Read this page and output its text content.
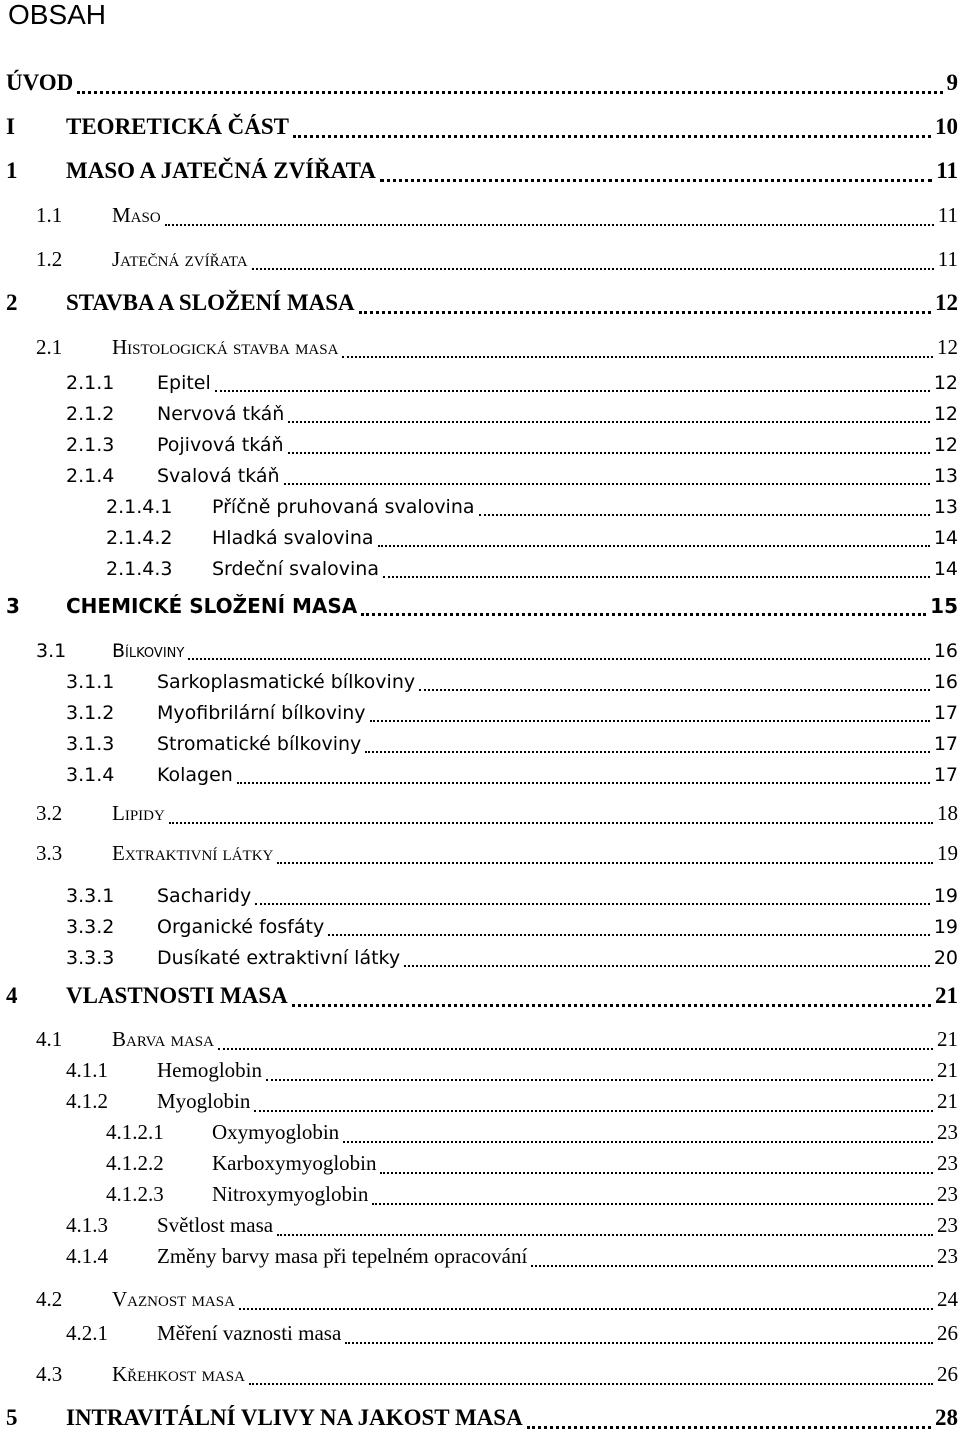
OBSAH
ÚVOD	9
I TEORETICKÁ ČÁST	10
1 MASO A JATEČNÁ ZVÍŘATA	11
1.1 Maso	11
1.2 Jatečná zvířata	11
2 STAVBA A SLOŽENÍ MASA	12
2.1 Histologická stavba masa	12
2.1.1 Epitel	12
2.1.2 Nervová tkáň	12
2.1.3 Pojivová tkáň	12
2.1.4 Svalová tkáň	13
2.1.4.1 Příčně pruhovaná svalovina	13
2.1.4.2 Hladká svalovina	14
2.1.4.3 Srdeční svalovina	14
3 CHEMICKÉ SLOŽENÍ MASA	15
3.1 Bílkoviny	16
3.1.1 Sarkoplasmatické bílkoviny	16
3.1.2 Myofibrilární bílkoviny	17
3.1.3 Stromatické bílkoviny	17
3.1.4 Kolagen	17
3.2 Lipidy	18
3.3 Extraktivní látky	19
3.3.1 Sacharidy	19
3.3.2 Organické fosfáty	19
3.3.3 Dusíkaté extraktivní látky	20
4 VLASTNOSTI MASA	21
4.1 Barva masa	21
4.1.1 Hemoglobin	21
4.1.2 Myoglobin	21
4.1.2.1 Oxymyoglobin	23
4.1.2.2 Karboxymyoglobin	23
4.1.2.3 Nitroxymyoglobin	23
4.1.3 Světlost masa	23
4.1.4 Změny barvy masa při tepelném opracování	23
4.2 Vaznost masa	24
4.2.1 Měření vaznosti masa	26
4.3 Křehkost masa	26
5 INTRAVITÁLNÍ VLIVY NA JAKOST MASA	28
